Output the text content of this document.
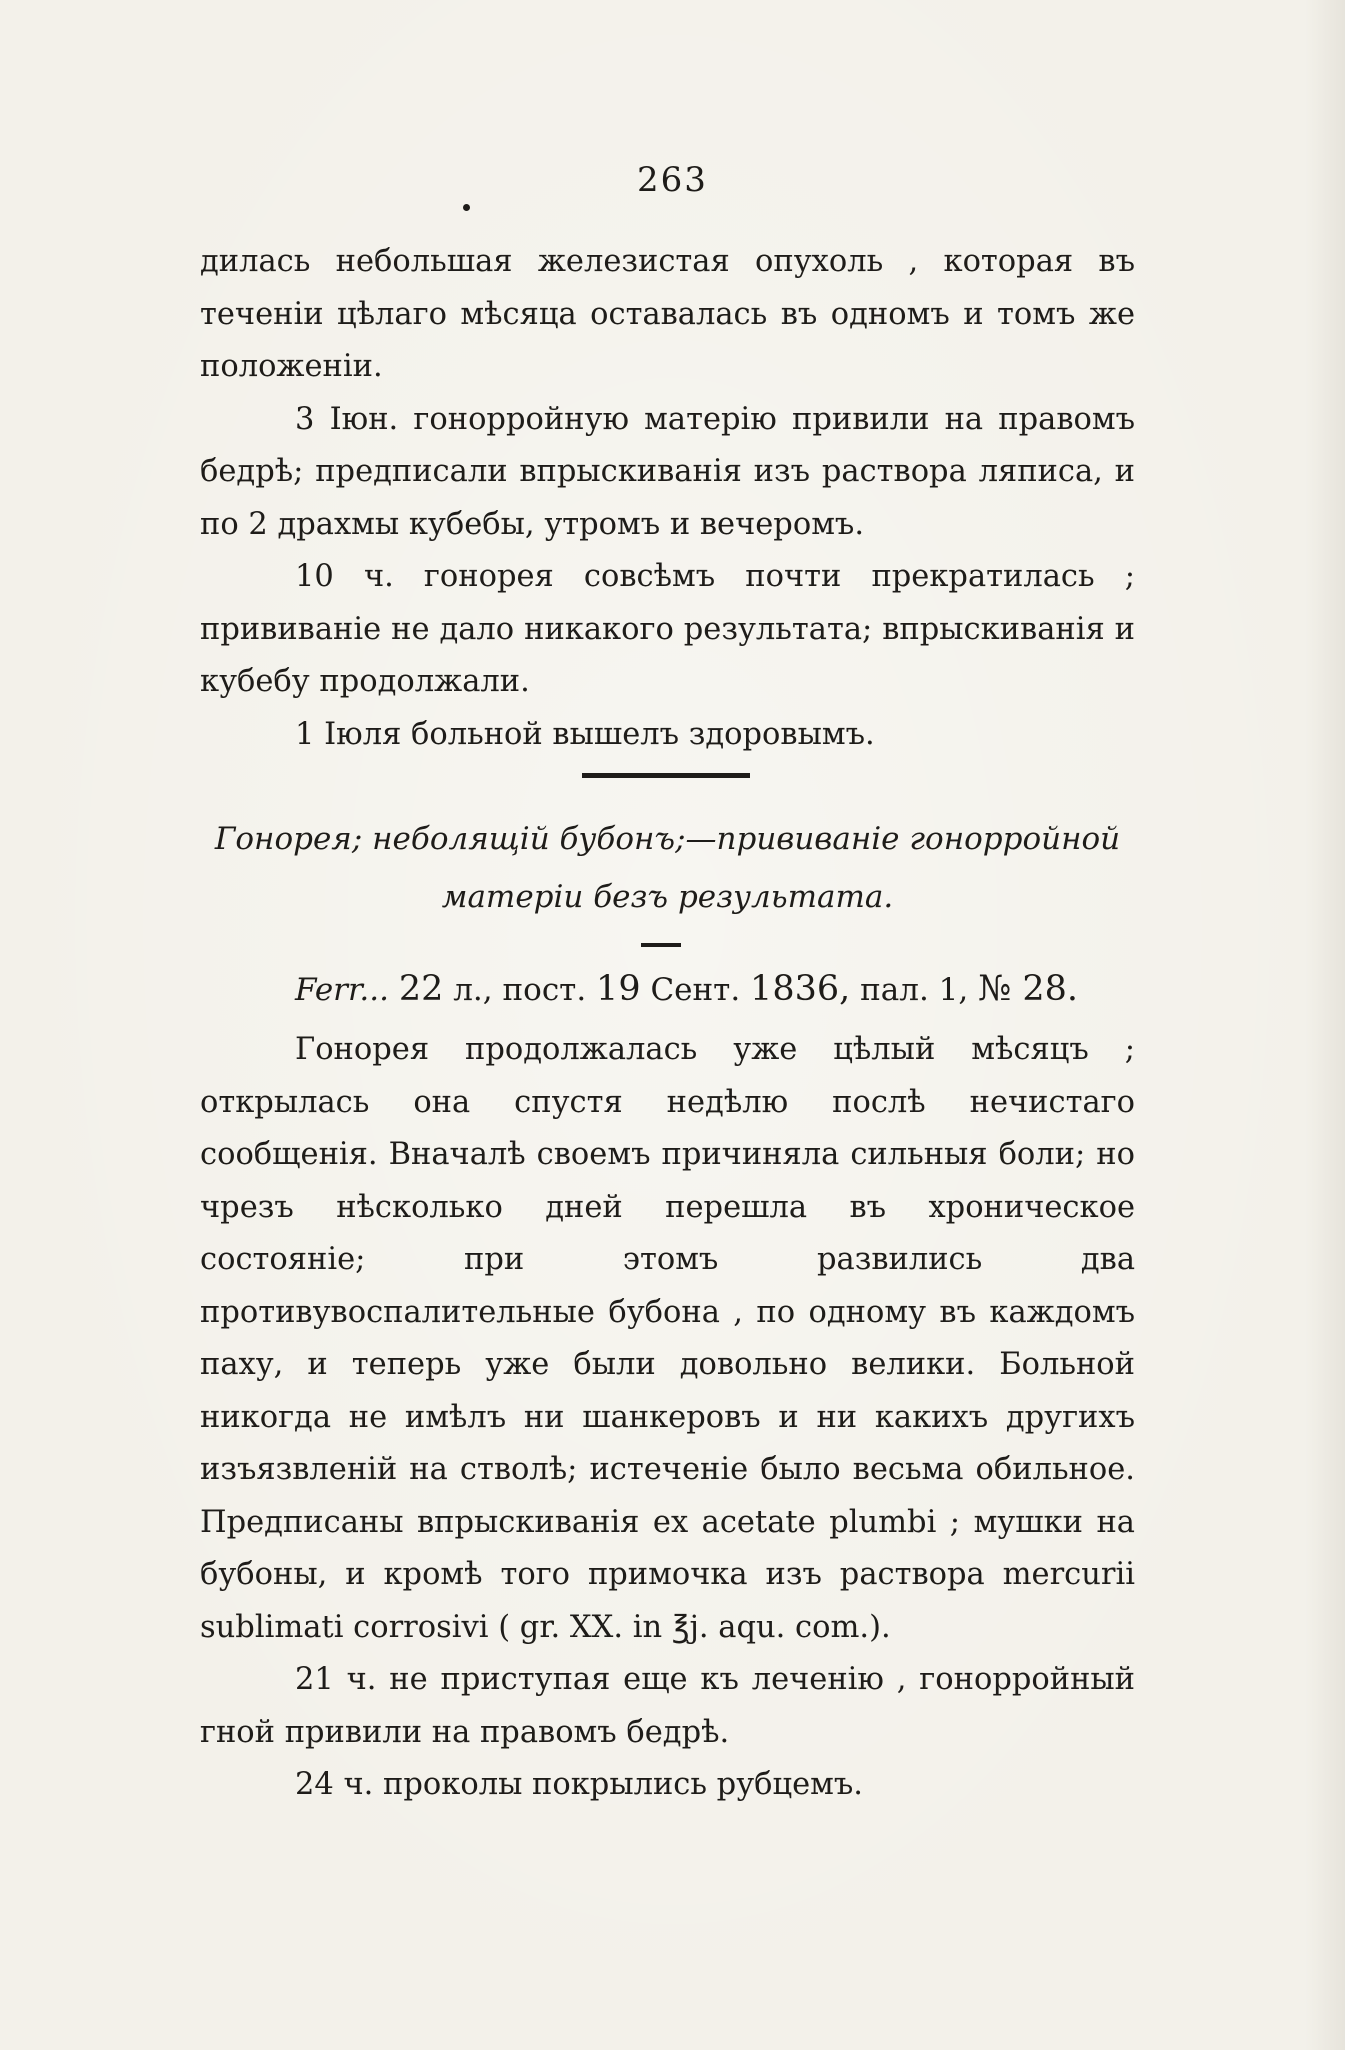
263

дилась небольшая железистая опухоль , которая въ теченіи цѣлаго мѣсяца оставалась въ одномъ и томъ же положеніи.

3 Іюн. гонорройную матерію привили на правомъ бедрѣ; предписали впрыскиванія изъ раствора ляписа, и по 2 драхмы кубебы, утромъ и вечеромъ.

10 ч. гонорея совсѣмъ почти прекратилась ; прививаніе не дало никакого результата; впрыскиванія и кубебу продолжали.

1 Іюля больной вышелъ здоровымъ.

Гонорея; неболящій бубонъ;—прививаніе гонорройной
матеріи безъ результата.
Ferr... 22 л., пост. 19 Сент. 1836, пал. 1, № 28.

Гонорея продолжалась уже цѣлый мѣсяцъ ; открылась она спустя недѣлю послѣ нечистаго сообщенія. Вначалѣ своемъ причиняла сильныя боли; но чрезъ нѣсколько дней перешла въ хроническое состояніе; при этомъ развились два противувоспалительные бубона , по одному въ каждомъ паху, и теперь уже были довольно велики. Больной никогда не имѣлъ ни шанкеровъ и ни какихъ другихъ изъязвленій на стволѣ; истеченіе было весьма обильное. Предписаны впрыскиванія ex acetate plumbi ; мушки на бубоны, и кромѣ того примочка изъ раствора mercurii sublimati corrosivi ( gr. XX. in ℥j. aqu. com.).

21 ч. не приступая еще къ леченію , гонорройный гной привили на правомъ бедрѣ.

24 ч. проколы покрылись рубцемъ.
